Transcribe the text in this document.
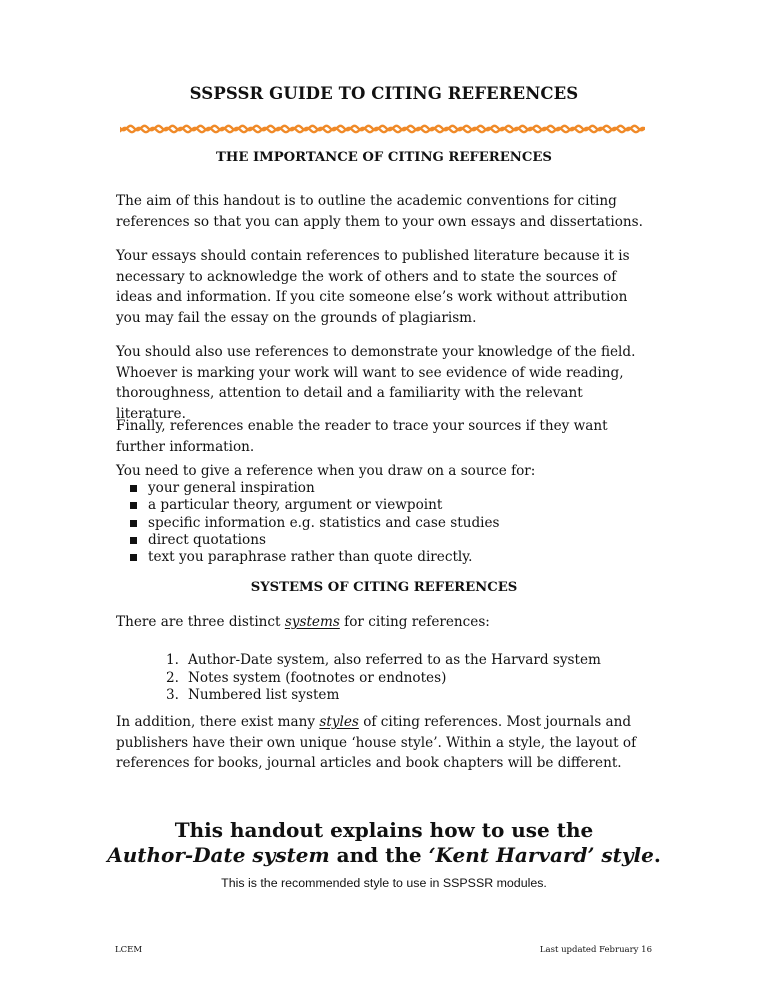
SSPSSR GUIDE TO CITING REFERENCES
THE IMPORTANCE OF CITING REFERENCES

The aim of this handout is to outline the academic conventions for citing references so that you can apply them to your own essays and dissertations.

Your essays should contain references to published literature because it is necessary to acknowledge the work of others and to state the sources of ideas and information. If you cite someone else’s work without attribution you may fail the essay on the grounds of plagiarism.

You should also use references to demonstrate your knowledge of the field. Whoever is marking your work will want to see evidence of wide reading, thoroughness, attention to detail and a familiarity with the relevant literature.

Finally, references enable the reader to trace your sources if they want further information.

You need to give a reference when you draw on a source for:

your general inspiration
a particular theory, argument or viewpoint
specific information e.g. statistics and case studies
direct quotations
text you paraphrase rather than quote directly.
SYSTEMS OF CITING REFERENCES

There are three distinct systems for citing references:

1. Author-Date system, also referred to as the Harvard system
2. Notes system (footnotes or endnotes)
3. Numbered list system

In addition, there exist many styles of citing references. Most journals and publishers have their own unique ‘house style’. Within a style, the layout of references for books, journal articles and book chapters will be different.

This handout explains how to use the
Author-Date system and the ‘Kent Harvard’ style.
This is the recommended style to use in SSPSSR modules.
LCEM	Last updated February 16
